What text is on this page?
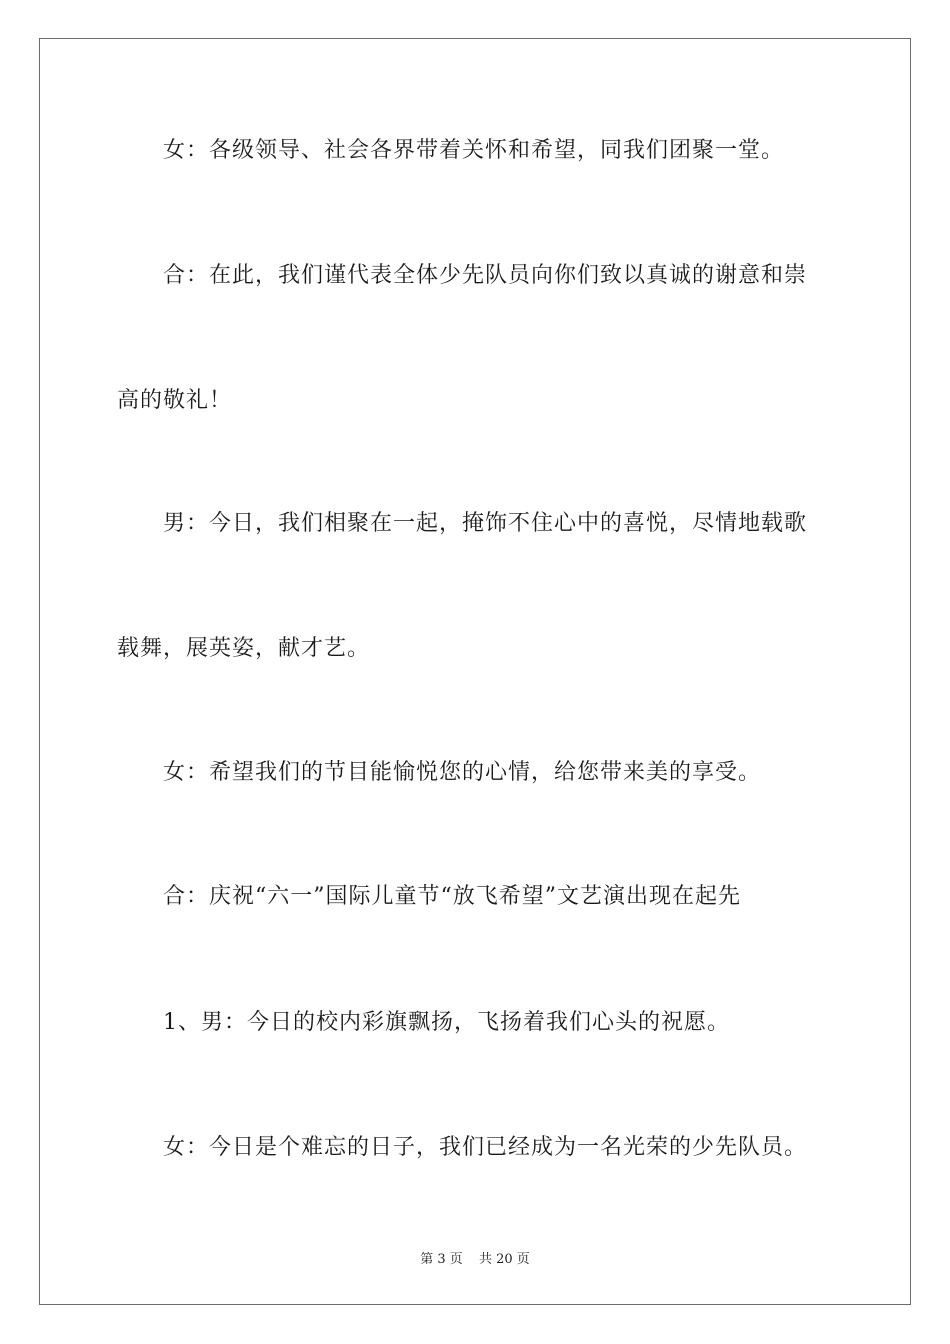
女：各级领导、社会各界带着关怀和希望，同我们团聚一堂。

合：在此，我们谨代表全体少先队员向你们致以真诚的谢意和崇

高的敬礼！

男：今日，我们相聚在一起，掩饰不住心中的喜悦，尽情地载歌

载舞，展英姿，献才艺。

女：希望我们的节目能愉悦您的心情，给您带来美的享受。

合：庆祝“六一”国际儿童节“放飞希望”文艺演出现在起先

1、男：今日的校内彩旗飘扬，飞扬着我们心头的祝愿。

女：今日是个难忘的日子，我们已经成为一名光荣的少先队员。

第 3 页 共 20 页
